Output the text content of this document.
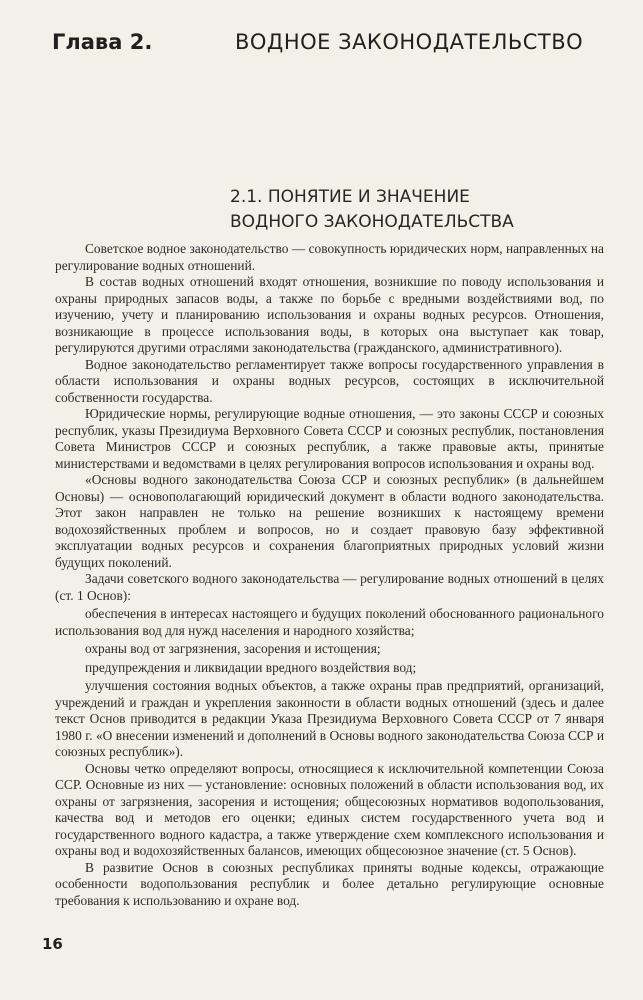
Глава 2.	ВОДНОЕ ЗАКОНОДАТЕЛЬСТВО
2.1. ПОНЯТИЕ И ЗНАЧЕНИЕ
ВОДНОГО ЗАКОНОДАТЕЛЬСТВА

Советское водное законодательство — совокупность юридических норм, направленных на регулирование водных отношений.

В состав водных отношений входят отношения, возникшие по поводу использования и охраны природных запасов воды, а также по борьбе с вредными воздействиями вод, по изучению, учету и планированию использования и охраны водных ресурсов. Отношения, возникающие в процессе использования воды, в которых она выступает как товар, регулируются другими отраслями законодательства (гражданского, административного).

Водное законодательство регламентирует также вопросы государственного управления в области использования и охраны водных ресурсов, состоящих в исключительной собственности государства.

Юридические нормы, регулирующие водные отношения, — это законы СССР и союзных республик, указы Президиума Верховного Совета СССР и союзных республик, постановления Совета Министров СССР и союзных республик, а также правовые акты, принятые министерствами и ведомствами в целях регулирования вопросов использования и охраны вод.

«Основы водного законодательства Союза ССР и союзных республик» (в дальнейшем Основы) — основополагающий юридический документ в области водного законодательства. Этот закон направлен не только на решение возникших к настоящему времени водохозяйственных проблем и вопросов, но и создает правовую базу эффективной эксплуатации водных ресурсов и сохранения благоприятных природных условий жизни будущих поколений.

Задачи советского водного законодательства — регулирование водных отношений в целях (ст. 1 Основ):

обеспечения в интересах настоящего и будущих поколений обоснованного рационального использования вод для нужд населения и народного хозяйства;

охраны вод от загрязнения, засорения и истощения;

предупреждения и ликвидации вредного воздействия вод;

улучшения состояния водных объектов, а также охраны прав предприятий, организаций, учреждений и граждан и укрепления законности в области водных отношений (здесь и далее текст Основ приводится в редакции Указа Президиума Верховного Совета СССР от 7 января 1980 г. «О внесении изменений и дополнений в Основы водного законодательства Союза ССР и союзных республик»).

Основы четко определяют вопросы, относящиеся к исключительной компетенции Союза ССР. Основные из них — установление: основных положений в области использования вод, их охраны от загрязнения, засорения и истощения; общесоюзных нормативов водопользования, качества вод и методов его оценки; единых систем государственного учета вод и государственного водного кадастра, а также утверждение схем комплексного использования и охраны вод и водохозяйственных балансов, имеющих общесоюзное значение (ст. 5 Основ).

В развитие Основ в союзных республиках приняты водные кодексы, отражающие особенности водопользования республик и более детально регулирующие основные требования к использованию и охране вод.

16
